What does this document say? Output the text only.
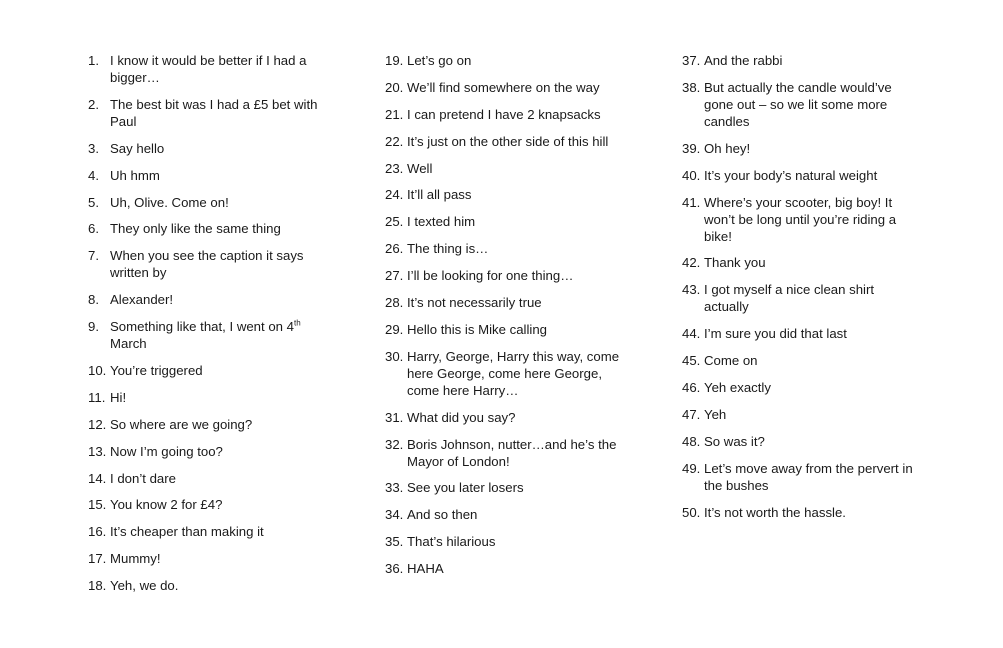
1. I know it would be better if I had a bigger…
2. The best bit was I had a £5 bet with Paul
3. Say hello
4. Uh hmm
5. Uh, Olive. Come on!
6. They only like the same thing
7. When you see the caption it says written by
8. Alexander!
9. Something like that, I went on 4th March
10. You’re triggered
11. Hi!
12. So where are we going?
13. Now I’m going too?
14. I don’t dare
15. You know 2 for £4?
16. It’s cheaper than making it
17. Mummy!
18. Yeh, we do.
19. Let’s go on
20. We’ll find somewhere on the way
21. I can pretend I have 2 knapsacks
22. It’s just on the other side of this hill
23. Well
24. It’ll all pass
25. I texted him
26. The thing is…
27. I’ll be looking for one thing…
28. It’s not necessarily true
29. Hello this is Mike calling
30. Harry, George, Harry this way, come here George, come here George, come here Harry…
31. What did you say?
32. Boris Johnson, nutter…and he’s the Mayor of London!
33. See you later losers
34. And so then
35. That’s hilarious
36. HAHA
37. And the rabbi
38. But actually the candle would’ve gone out – so we lit some more candles
39. Oh hey!
40. It’s your body’s natural weight
41. Where’s your scooter, big boy! It won’t be long until you’re riding a bike!
42. Thank you
43. I got myself a nice clean shirt actually
44. I’m sure you did that last
45. Come on
46. Yeh exactly
47. Yeh
48. So was it?
49. Let’s move away from the pervert in the bushes
50. It’s not worth the hassle.
